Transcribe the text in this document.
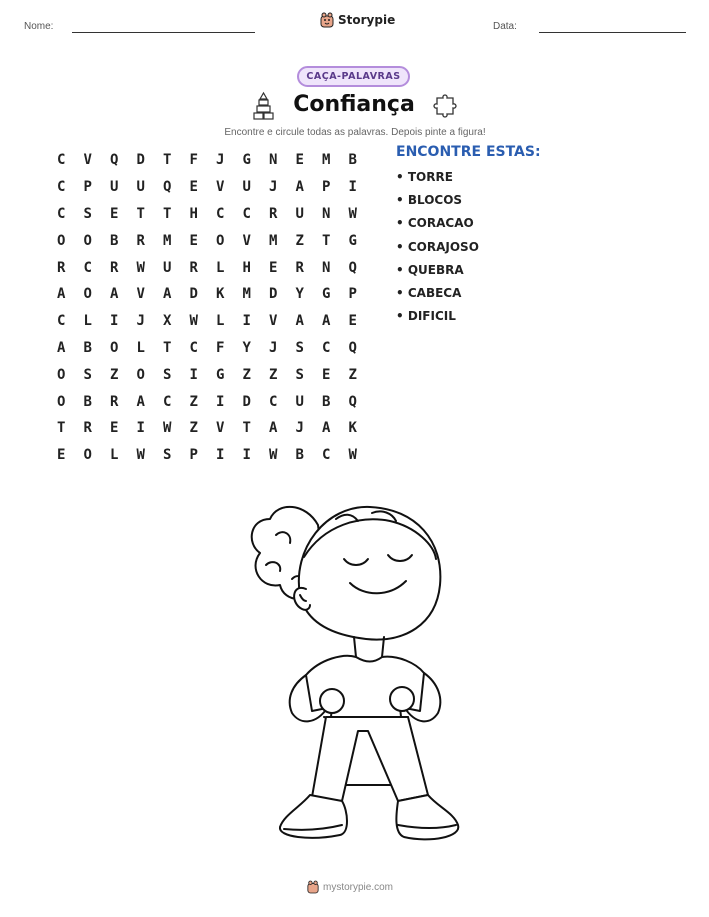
Nome:	Storypie	Data:
CAÇA-PALAVRAS
Confiança
Encontre e circule todas as palavras. Depois pinte a figura!
C	V	Q	D	T	F	J	G	N	E	M	B
C	P	U	U	Q	E	V	U	J	A	P	I
C	S	E	T	T	H	C	C	R	U	N	W
O	O	B	R	M	E	O	V	M	Z	T	G
R	C	R	W	U	R	L	H	E	R	N	Q
A	O	A	V	A	D	K	M	D	Y	G	P
C	L	I	J	X	W	L	I	V	A	A	E
A	B	O	L	T	C	F	Y	J	S	C	Q
O	S	Z	O	S	I	G	Z	Z	S	E	Z
O	B	R	A	C	Z	I	D	C	U	B	Q
T	R	E	I	W	Z	V	T	A	J	A	K
E	O	L	W	S	P	I	I	W	B	C	W
ENCONTRE ESTAS:
• TORRE
• BLOCOS
• CORACAO
• CORAJOSO
• QUEBRA
• CABECA
• DIFICIL
mystorypie.com
